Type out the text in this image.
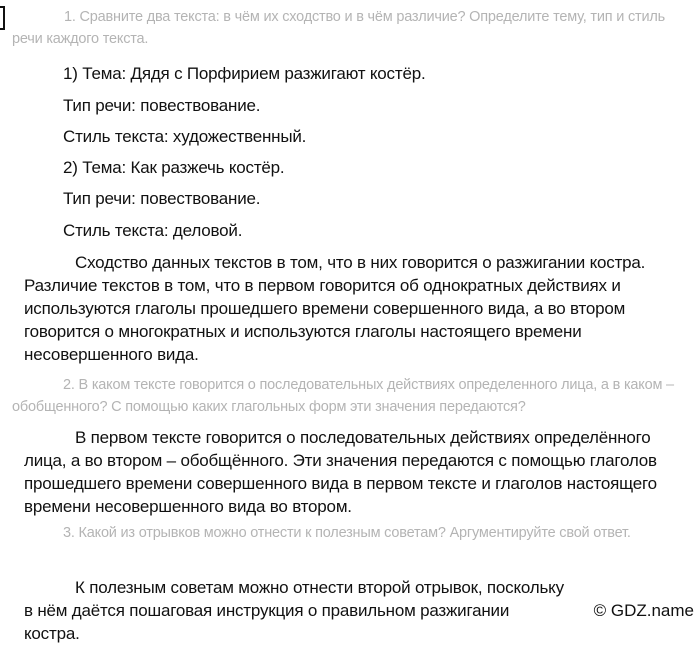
1. Сравните два текста: в чём их сходство и в чём различие? Определите тему, тип и стиль речи каждого текста.
1) Тема: Дядя с Порфирием разжигают костёр.
Тип речи: повествование.
Стиль текста: художественный.
2) Тема: Как разжечь костёр.
Тип речи: повествование.
Стиль текста: деловой.

Сходство данных текстов в том, что в них говорится о разжигании костра. Различие текстов в том, что в первом говорится об однократных действиях и используются глаголы прошедшего времени совершенного вида, а во втором говорится о многократных и используются глаголы настоящего времени несовершенного вида.

2. В каком тексте говорится о последовательных действиях определенного лица, а в каком – обобщенного? С помощью каких глагольных форм эти значения передаются?

В первом тексте говорится о последовательных действиях определённого лица, а во втором – обобщённого. Эти значения передаются с помощью глаголов прошедшего времени совершенного вида в первом тексте и глаголов настоящего времени несовершенного вида во втором.

3. Какой из отрывков можно отнести к полезным советам? Аргументируйте свой ответ.

К полезным советам можно отнести второй отрывок, поскольку в нём даётся пошаговая инструкция о правильном разжигании костра.

© GDZ.name
